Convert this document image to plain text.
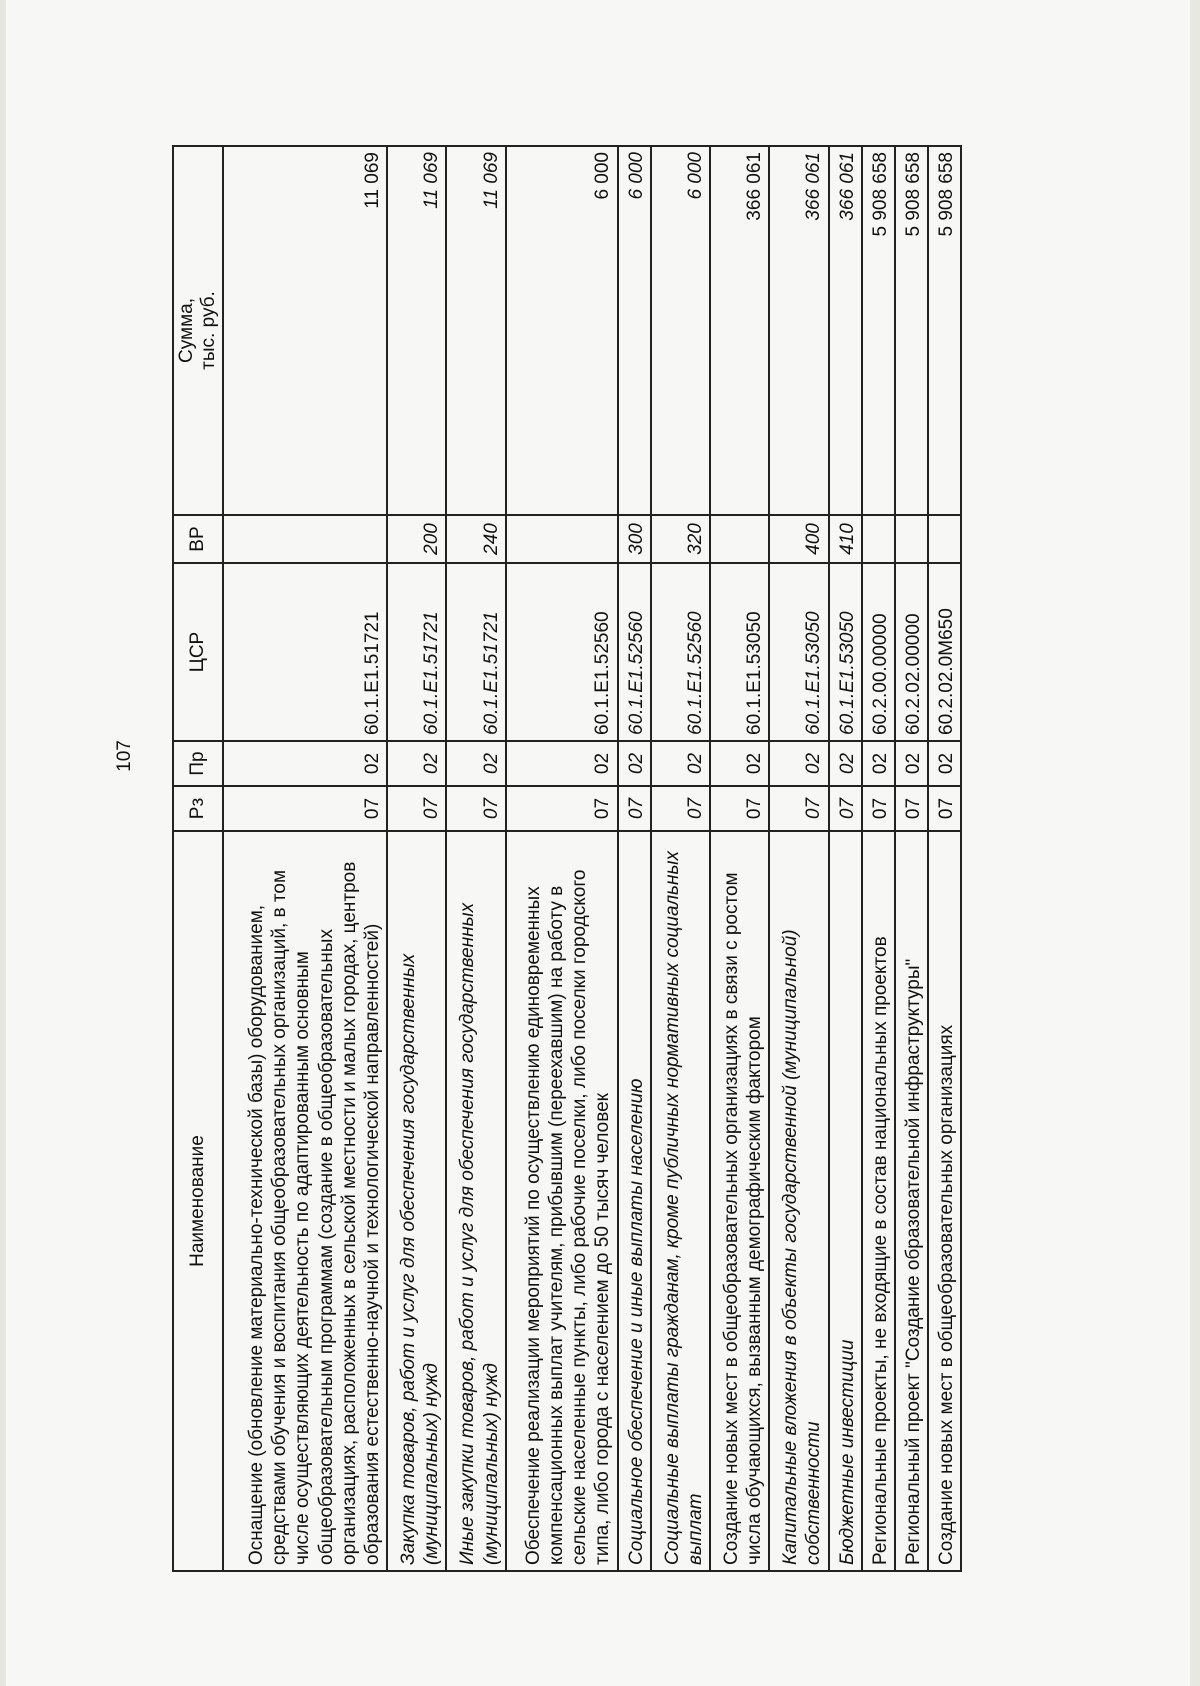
107
Наименование	Рз	Пр	ЦСР	ВР	Сумма, тыс. руб.

Оснащение (обновление материально-технической базы) оборудованием, средствами обучения и воспитания общеобразовательных организаций, в том числе осуществляющих деятельность по адаптированным основным общеобразовательным программам (создание в общеобразовательных организациях, расположенных в сельской местности и малых городах, центров образования естественно-научной и технологической направленностей)	07	02	60.1.Е1.51721		11 069
Закупка товаров, работ и услуг для обеспечения государственных (муниципальных) нужд	07	02	60.1.Е1.51721	200	11 069
Иные закупки товаров, работ и услуг для обеспечения государственных (муниципальных) нужд	07	02	60.1.Е1.51721	240	11 069
Обеспечение реализации мероприятий по осуществлению единовременных компенсационных выплат учителям, прибывшим (переехавшим) на работу в сельские населенные пункты, либо рабочие поселки, либо поселки городского типа, либо города с населением до 50 тысяч человек	07	02	60.1.Е1.52560		6 000
Социальное обеспечение и иные выплаты населению	07	02	60.1.Е1.52560	300	6 000
Социальные выплаты гражданам, кроме публичных нормативных социальных выплат	07	02	60.1.Е1.52560	320	6 000
Создание новых мест в общеобразовательных организациях в связи с ростом числа обучающихся, вызванным демографическим фактором	07	02	60.1.Е1.53050		366 061
Капитальные вложения в объекты государственной (муниципальной) собственности	07	02	60.1.Е1.53050	400	366 061
Бюджетные инвестиции	07	02	60.1.Е1.53050	410	366 061
Региональные проекты, не входящие в состав национальных проектов	07	02	60.2.00.00000		5 908 658
Региональный проект "Создание образовательной инфраструктуры"	07	02	60.2.02.00000		5 908 658
Создание новых мест в общеобразовательных организациях	07	02	60.2.02.0М650		5 908 658
